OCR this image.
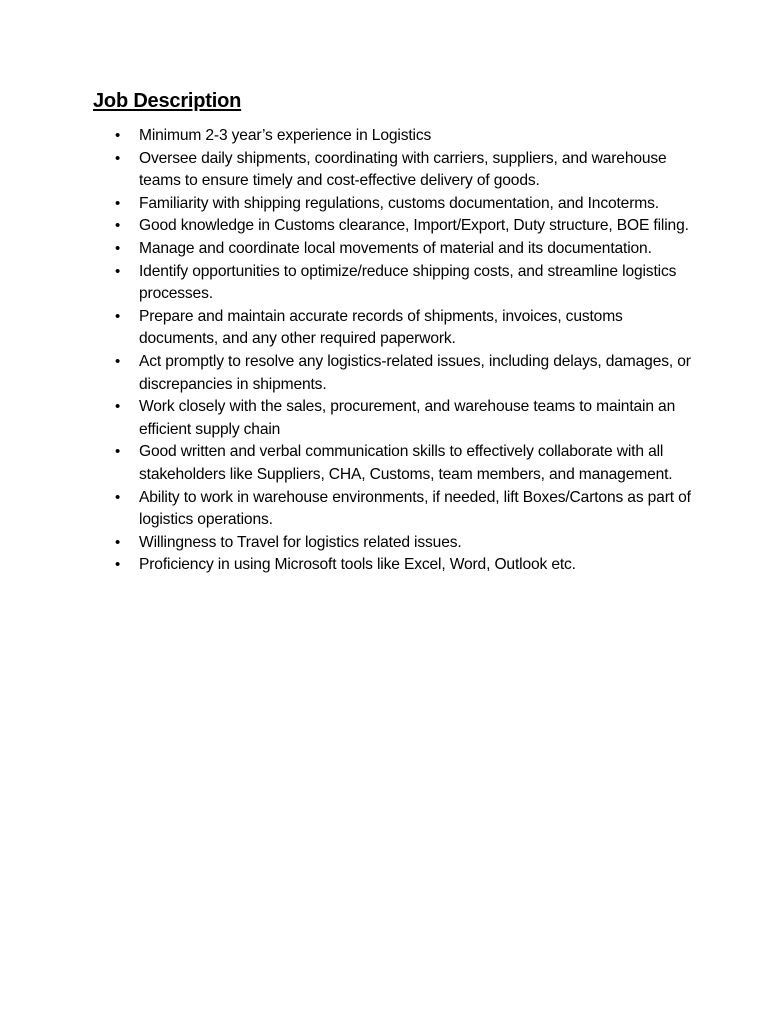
Job Description
• Minimum 2-3 year’s experience in Logistics
• Oversee daily shipments, coordinating with carriers, suppliers, and warehouse teams to ensure timely and cost-effective delivery of goods.
• Familiarity with shipping regulations, customs documentation, and Incoterms.
• Good knowledge in Customs clearance, Import/Export, Duty structure, BOE filing.
• Manage and coordinate local movements of material and its documentation.
• Identify opportunities to optimize/reduce shipping costs, and streamline logistics processes.
• Prepare and maintain accurate records of shipments, invoices, customs documents, and any other required paperwork.
• Act promptly to resolve any logistics-related issues, including delays, damages, or discrepancies in shipments.
• Work closely with the sales, procurement, and warehouse teams to maintain an efficient supply chain
• Good written and verbal communication skills to effectively collaborate with all stakeholders like Suppliers, CHA, Customs, team members, and management.
• Ability to work in warehouse environments, if needed, lift Boxes/Cartons as part of logistics operations.
• Willingness to Travel for logistics related issues.
• Proficiency in using Microsoft tools like Excel, Word, Outlook etc.
